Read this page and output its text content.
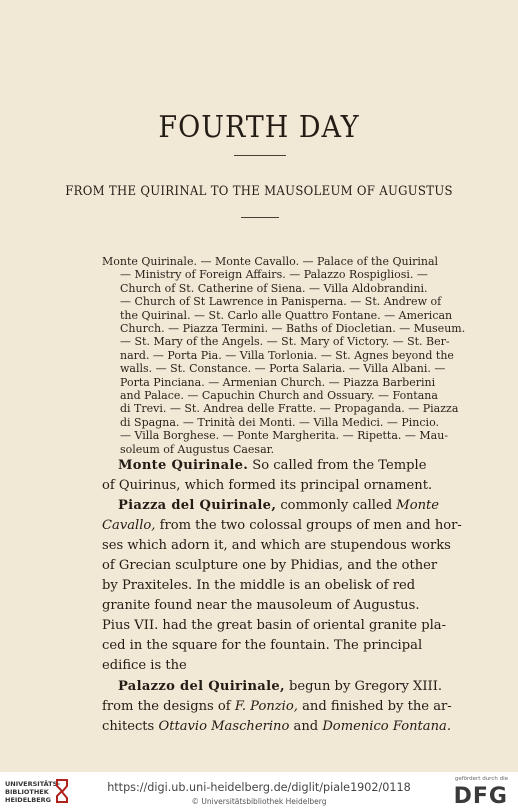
FOURTH DAY
FROM THE QUIRINAL TO THE MAUSOLEUM OF AUGUSTUS
Monte Quirinale. — Monte Cavallo. — Palace of the Quirinal
— Ministry of Foreign Affairs. — Palazzo Rospigliosi. —
Church of St. Catherine of Siena. — Villa Aldobrandini.
— Church of St Lawrence in Panisperna. — St. Andrew of
the Quirinal. — St. Carlo alle Quattro Fontane. — American
Church. — Piazza Termini. — Baths of Diocletian. — Museum.
— St. Mary of the Angels. — St. Mary of Victory. — St. Ber-
nard. — Porta Pia. — Villa Torlonia. — St. Agnes beyond the
walls. — St. Constance. — Porta Salaria. — Villa Albani. —
Porta Pinciana. — Armenian Church. — Piazza Barberini
and Palace. — Capuchin Church and Ossuary. — Fontana
di Trevi. — St. Andrea delle Fratte. — Propaganda. — Piazza
di Spagna. — Trinità dei Monti. — Villa Medici. — Pincio.
— Villa Borghese. — Ponte Margherita. — Ripetta. — Mau-
soleum of Augustus Caesar.
Monte Quirinale. So called from the Temple
of Quirinus, which formed its principal ornament.
Piazza del Quirinale, commonly called Monte
Cavallo, from the two colossal groups of men and hor-
ses which adorn it, and which are stupendous works
of Grecian sculpture one by Phidias, and the other
by Praxiteles. In the middle is an obelisk of red
granite found near the mausoleum of Augustus.
Pius VII. had the great basin of oriental granite pla-
ced in the square for the fountain. The principal
edifice is the
Palazzo del Quirinale, begun by Gregory XIII.
from the designs of F. Ponzio, and finished by the ar-
chitects Ottavio Mascherino and Domenico Fontana.
UNIVERSITÄTS-
BIBLIOTHEK
HEIDELBERG
https://digi.ub.uni-heidelberg.de/diglit/piale1902/0118
© Universitätsbibliothek Heidelberg
gefördert durch die
DFG
